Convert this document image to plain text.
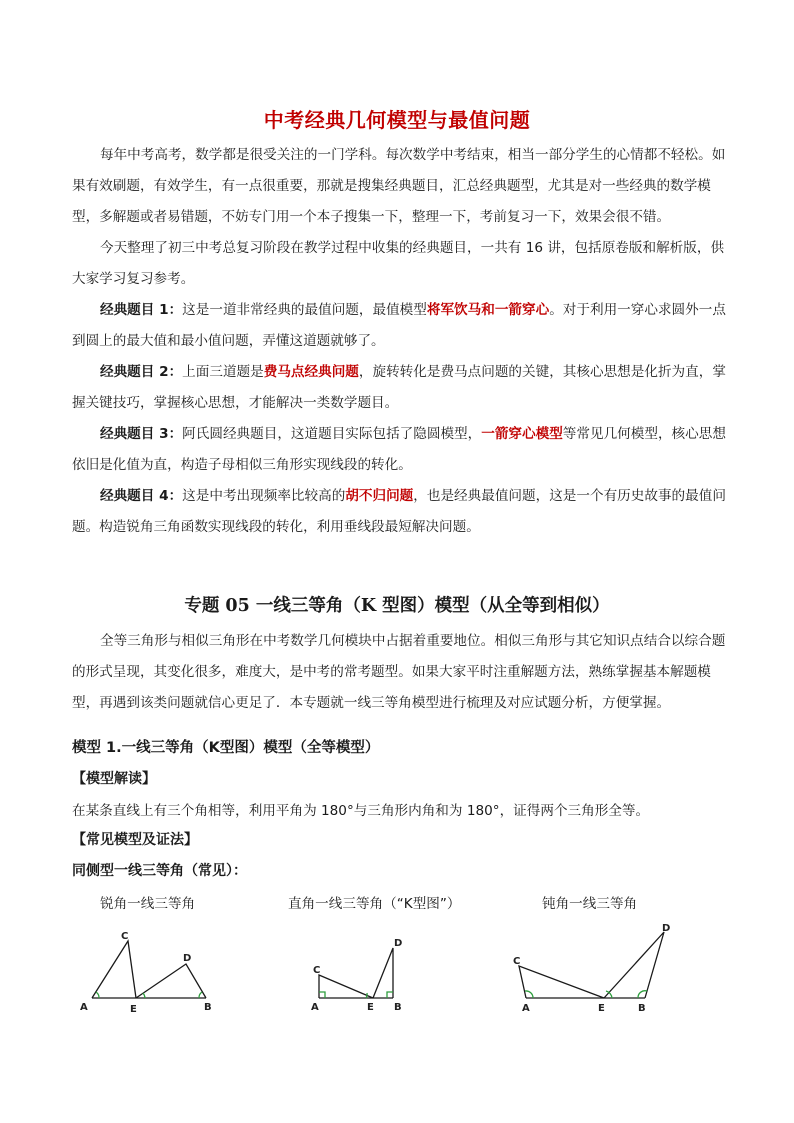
中考经典几何模型与最值问题

每年中考高考，数学都是很受关注的一门学科。每次数学中考结束，相当一部分学生的心情都不轻松。如果有效刷题，有效学生，有一点很重要，那就是搜集经典题目，汇总经典题型，尤其是对一些经典的数学模型，多解题或者易错题，不妨专门用一个本子搜集一下，整理一下，考前复习一下，效果会很不错。

今天整理了初三中考总复习阶段在教学过程中收集的经典题目，一共有 16 讲，包括原卷版和解析版，供大家学习复习参考。

经典题目 1：这是一道非常经典的最值问题，最值模型将军饮马和一箭穿心。对于利用一穿心求圆外一点到圆上的最大值和最小值问题，弄懂这道题就够了。

经典题目 2：上面三道题是费马点经典问题，旋转转化是费马点问题的关键，其核心思想是化折为直，掌握关键技巧，掌握核心思想，才能解决一类数学题目。

经典题目 3：阿氏圆经典题目，这道题目实际包括了隐圆模型，一箭穿心模型等常见几何模型，核心思想依旧是化值为直，构造子母相似三角形实现线段的转化。

经典题目 4：这是中考出现频率比较高的胡不归问题，也是经典最值问题，这是一个有历史故事的最值问题。构造锐角三角函数实现线段的转化，利用垂线段最短解决问题。

专题 05 一线三等角（K 型图）模型（从全等到相似）

全等三角形与相似三角形在中考数学几何模块中占据着重要地位。相似三角形与其它知识点结合以综合题的形式呈现，其变化很多，难度大，是中考的常考题型。如果大家平时注重解题方法，熟练掌握基本解题模型，再遇到该类问题就信心更足了．本专题就一线三等角模型进行梳理及对应试题分析，方便掌握。

模型 1.一线三等角（K型图）模型（全等模型）
【模型解读】
在某条直线上有三个角相等，利用平角为 180°与三角形内角和为 180°，证得两个三角形全等。
【常见模型及证法】
同侧型一线三等角（常见）：
锐角一线三等角	直角一线三等角（“K型图”）	钝角一线三等角
A	E	B
C
D
A	E B
C
D
A	E	B
C
D
